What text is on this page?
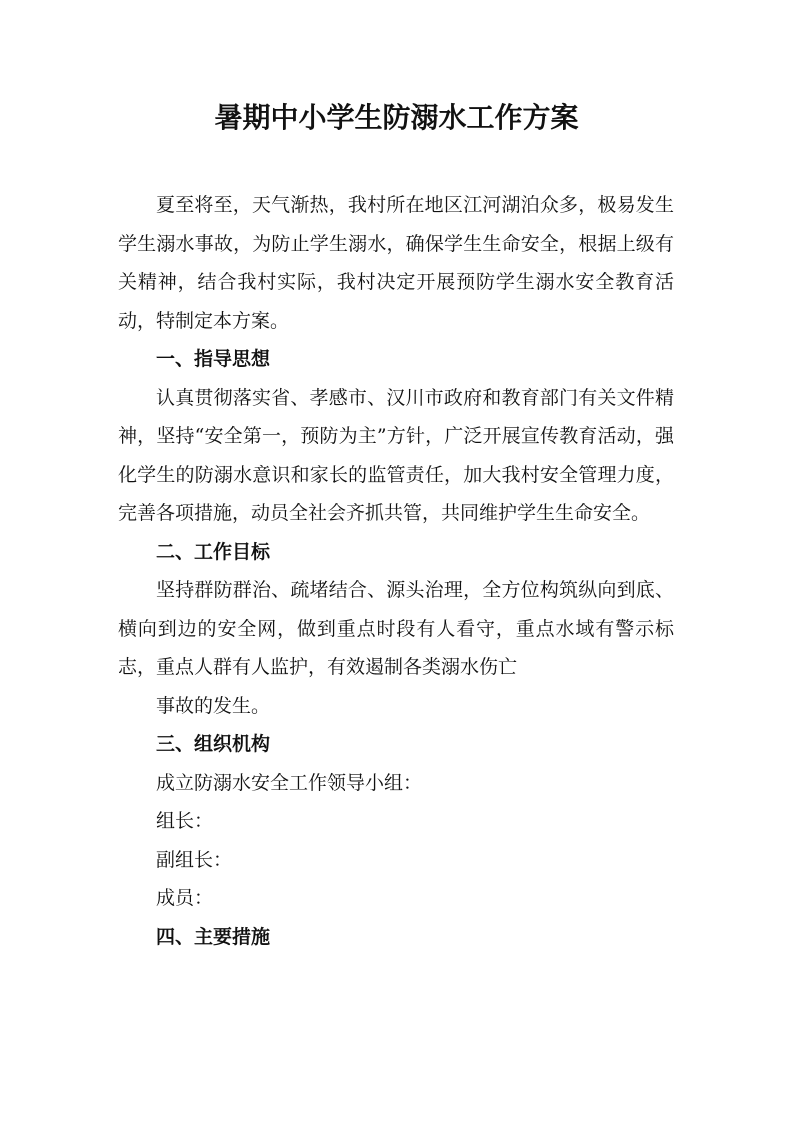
暑期中小学生防溺水工作方案

夏至将至，天气渐热，我村所在地区江河湖泊众多，极易发生学生溺水事故，为防止学生溺水，确保学生生命安全，根据上级有关精神，结合我村实际，我村决定开展预防学生溺水安全教育活动，特制定本方案。

一、指导思想

认真贯彻落实省、孝感市、汉川市政府和教育部门有关文件精神，坚持“安全第一，预防为主”方针，广泛开展宣传教育活动，强化学生的防溺水意识和家长的监管责任，加大我村安全管理力度，完善各项措施，动员全社会齐抓共管，共同维护学生生命安全。

二、工作目标

坚持群防群治、疏堵结合、源头治理，全方位构筑纵向到底、横向到边的安全网，做到重点时段有人看守，重点水域有警示标志，重点人群有人监护，有效遏制各类溺水伤亡

事故的发生。

三、组织机构

成立防溺水安全工作领导小组：

组长：

副组长：

成员：

四、主要措施
